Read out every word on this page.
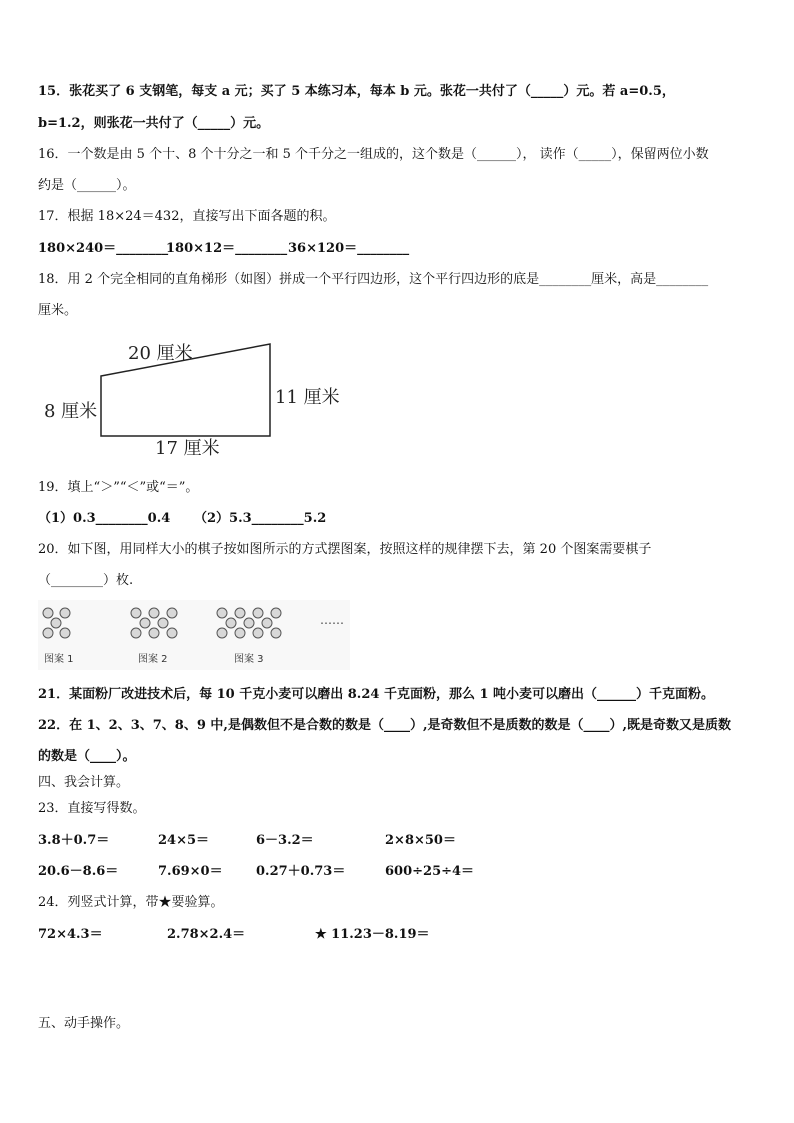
15．张花买了 6 支钢笔，每支 a 元；买了 5 本练习本，每本 b 元。张花一共付了（_____）元。若 a=0.5，
b=1.2，则张花一共付了（_____）元。
16．一个数是由 5 个十、8 个十分之一和 5 个千分之一组成的，这个数是（______）， 读作（_____），保留两位小数
约是（______）。
17．根据 18×24＝432，直接写出下面各题的积。
180×240＝________
180×12＝________ 36×120＝________
18．用 2 个完全相同的直角梯形（如图）拼成一个平行四边形，这个平行四边形的底是________厘米，高是________
厘米。
20 厘米
8 厘米
11 厘米
17 厘米
19．填上“＞”“＜”或“＝”。
（1）0.3________0.4 （2）5.3________5.2
20．如下图，用同样大小的棋子按如图所示的方式摆图案，按照这样的规律摆下去，第 20 个图案需要棋子
（________）枚.
……
图案 1	图案 2	图案 3
21．某面粉厂改进技术后，每 10 千克小麦可以磨出 8.24 千克面粉，那么 1 吨小麦可以磨出（______）千克面粉。
22．在 1、2、3、7、8、9 中,是偶数但不是合数的数是（____）,是奇数但不是质数的数是（____）,既是奇数又是质数
的数是（____）。
四、我会计算。
23．直接写得数。
3.8＋0.7＝	24×5＝	6－3.2＝	2×8×50＝
20.6－8.6＝	7.69×0＝	0.27＋0.73＝	600÷25÷4＝
24．列竖式计算，带★要验算。
72×4.3＝	2.78×2.4＝	★ 11.23－8.19＝
五、动手操作。
